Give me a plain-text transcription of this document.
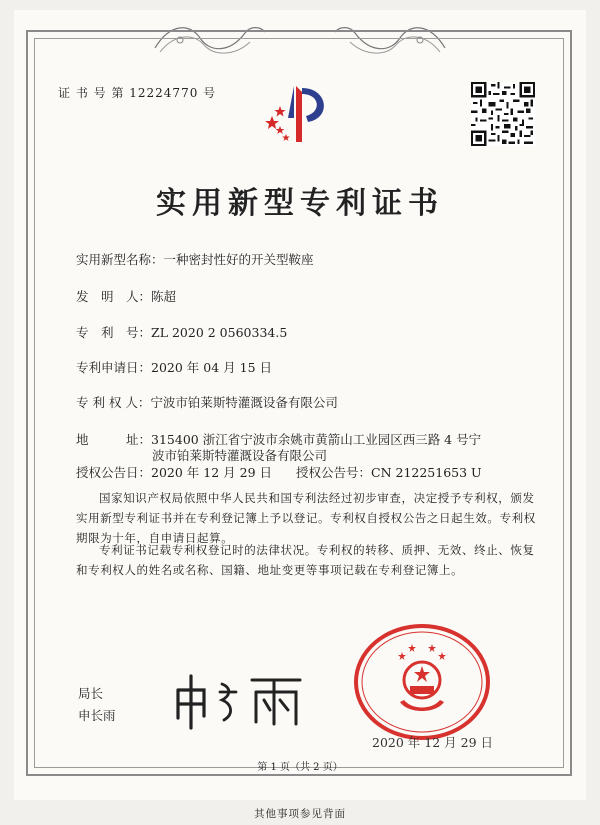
证 书 号 第 12224770 号
实用新型专利证书
实用新型名称：一种密封性好的开关型鞍座
发　明　人：陈超
专　利　号：ZL 2020 2 0560334.5
专利申请日：2020 年 04 月 15 日
专 利 权 人：宁波市铂莱斯特灌溉设备有限公司
地　　　址：315400 浙江省宁波市余姚市黄箭山工业园区西三路 4 号宁
波市铂莱斯特灌溉设备有限公司
授权公告日：2020 年 12 月 29 日 授权公告号：CN 212251653 U
国家知识产权局依照中华人民共和国专利法经过初步审查，决定授予专利权，颁发实用新型专利证书并在专利登记簿上予以登记。专利权自授权公告之日起生效。专利权期限为十年，自申请日起算。
专利证书记载专利权登记时的法律状况。专利权的转移、质押、无效、终止、恢复和专利权人的姓名或名称、国籍、地址变更等事项记载在专利登记簿上。
局长
申长雨
2020 年 12 月 29 日
第 1 页（共 2 页）
其他事项参见背面
